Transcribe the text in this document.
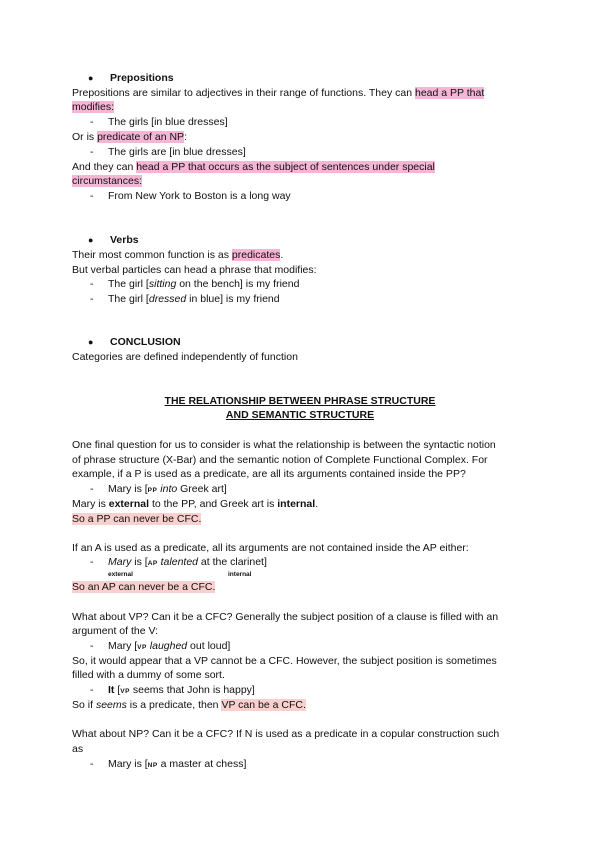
● Prepositions
Prepositions are similar to adjectives in their range of functions. They can head a PP that
modifies:
- The girls [in blue dresses]
Or is predicate of an NP:
- The girls are [in blue dresses]
And they can head a PP that occurs as the subject of sentences under special
circumstances:
- From New York to Boston is a long way
● Verbs
Their most common function is as predicates.
But verbal particles can head a phrase that modifies:
- The girl [sitting on the bench] is my friend
- The girl [dressed in blue] is my friend
● CONCLUSION
Categories are defined independently of function
THE RELATIONSHIP BETWEEN PHRASE STRUCTURE
AND SEMANTIC STRUCTURE
One final question for us to consider is what the relationship is between the syntactic notion
of phrase structure (X-Bar) and the semantic notion of Complete Functional Complex. For
example, if a P is used as a predicate, are all its arguments contained inside the PP?
- Mary is [PP into Greek art]
Mary is external to the PP, and Greek art is internal.
So a PP can never be CFC.
If an A is used as a predicate, all its arguments are not contained inside the AP either:
- Mary is [AP talented at the clarinet]
external	internal
So an AP can never be a CFC.
What about VP? Can it be a CFC? Generally the subject position of a clause is filled with an
argument of the V:
- Mary [VP laughed out loud]
So, it would appear that a VP cannot be a CFC. However, the subject position is sometimes
filled with a dummy of some sort.
- It [VP seems that John is happy]
So if seems is a predicate, then VP can be a CFC.
What about NP? Can it be a CFC? If N is used as a predicate in a copular construction such
as
- Mary is [NP a master at chess]
